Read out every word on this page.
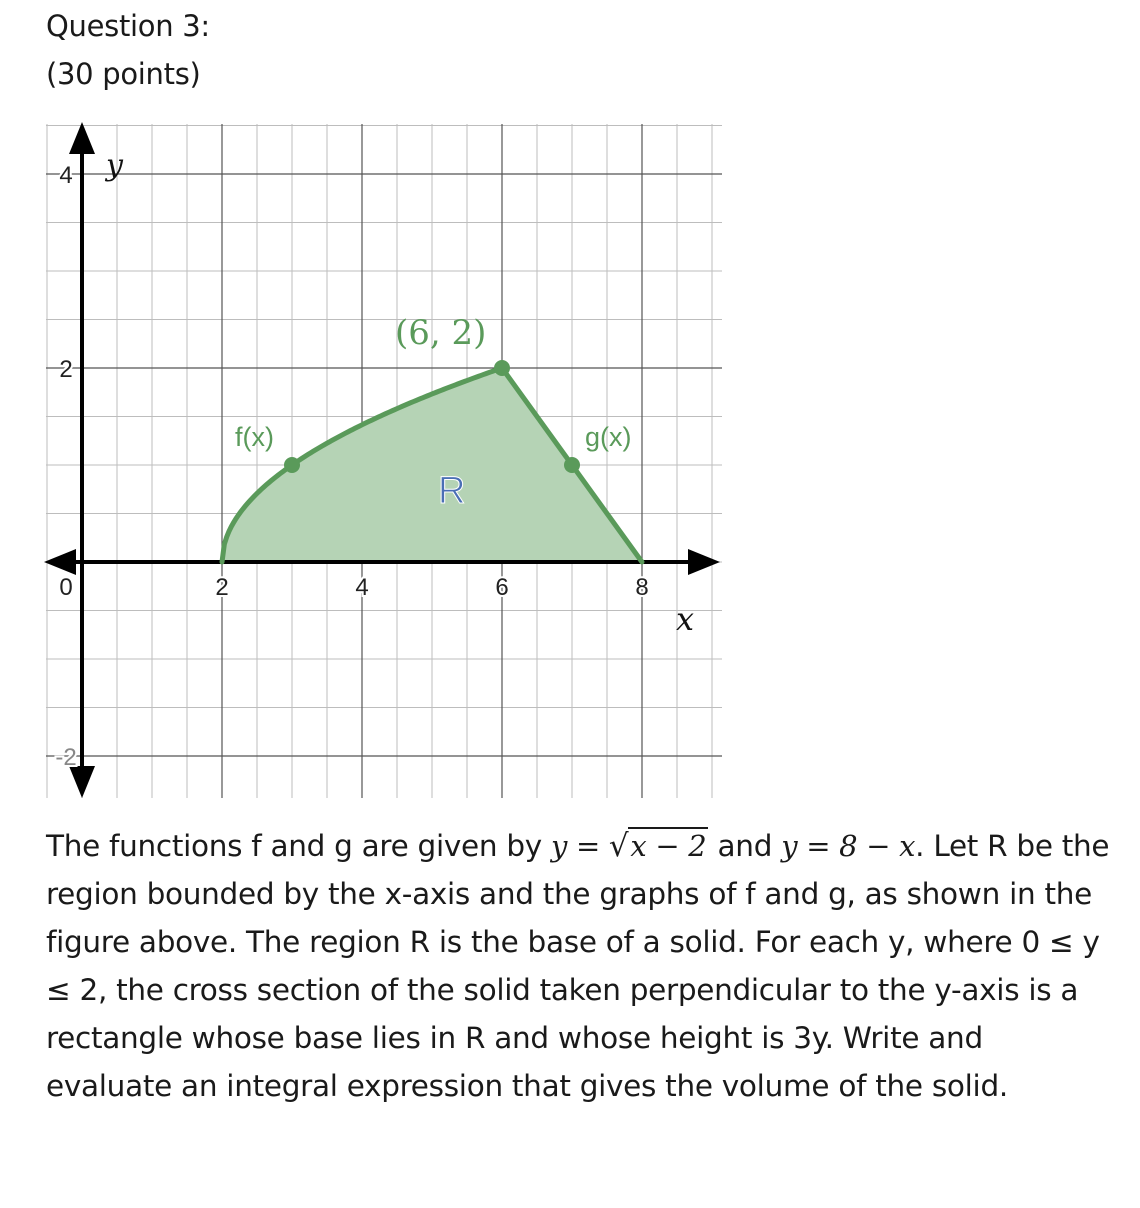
Question 3:
(30 points)
2	4	6	8
4
2
0
-2
y
x
(6, 2)
f(x)	g(x)
R

The functions f and g are given by y = √x − 2 and y = 8 − x. Let R be the region bounded by the x-axis and the graphs of f and g, as shown in the figure above. The region R is the base of a solid. For each y, where 0 ≤ y ≤ 2, the cross section of the solid taken perpendicular to the y-axis is a rectangle whose base lies in R and whose height is 3y. Write and evaluate an integral expression that gives the volume of the solid.
